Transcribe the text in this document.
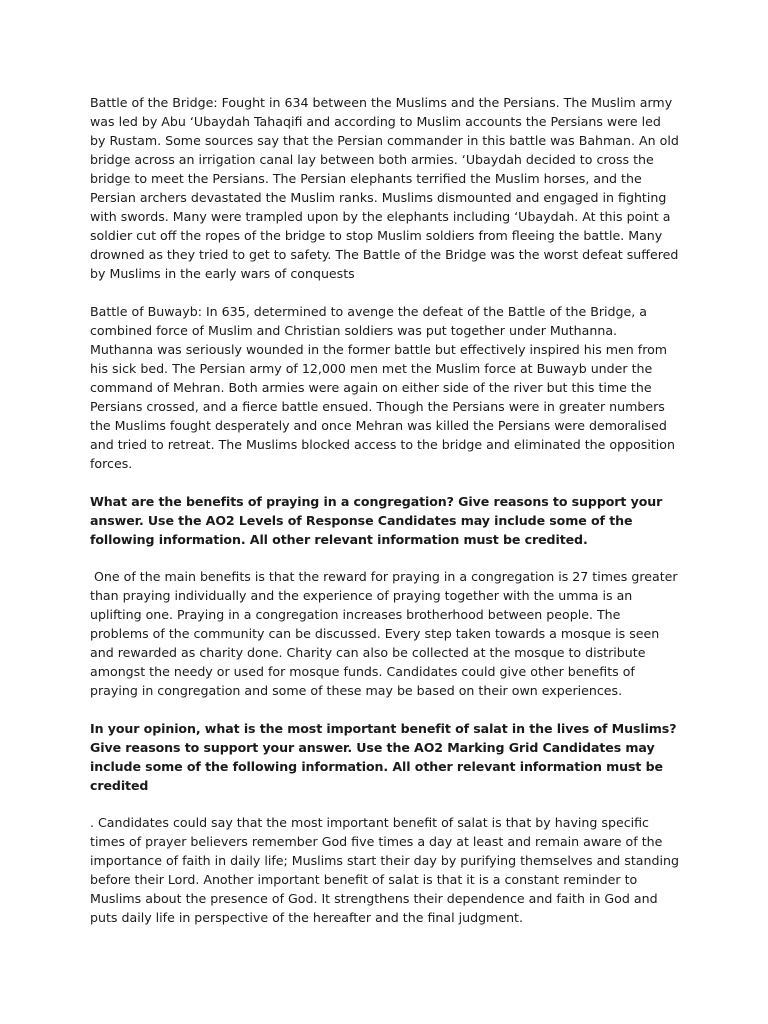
Battle of the Bridge: Fought in 634 between the Muslims and the Persians. The Muslim army was led by Abu ‘Ubaydah Tahaqifi and according to Muslim accounts the Persians were led by Rustam. Some sources say that the Persian commander in this battle was Bahman. An old bridge across an irrigation canal lay between both armies. ‘Ubaydah decided to cross the bridge to meet the Persians. The Persian elephants terrified the Muslim horses, and the Persian archers devastated the Muslim ranks. Muslims dismounted and engaged in fighting with swords. Many were trampled upon by the elephants including ‘Ubaydah. At this point a soldier cut off the ropes of the bridge to stop Muslim soldiers from fleeing the battle. Many drowned as they tried to get to safety. The Battle of the Bridge was the worst defeat suffered by Muslims in the early wars of conquests

Battle of Buwayb: In 635, determined to avenge the defeat of the Battle of the Bridge, a combined force of Muslim and Christian soldiers was put together under Muthanna. Muthanna was seriously wounded in the former battle but effectively inspired his men from his sick bed. The Persian army of 12,000 men met the Muslim force at Buwayb under the command of Mehran. Both armies were again on either side of the river but this time the Persians crossed, and a fierce battle ensued. Though the Persians were in greater numbers the Muslims fought desperately and once Mehran was killed the Persians were demoralised and tried to retreat. The Muslims blocked access to the bridge and eliminated the opposition forces.

What are the benefits of praying in a congregation? Give reasons to support your answer. Use the AO2 Levels of Response Candidates may include some of the following information. All other relevant information must be credited.

One of the main benefits is that the reward for praying in a congregation is 27 times greater than praying individually and the experience of praying together with the umma is an uplifting one. Praying in a congregation increases brotherhood between people. The problems of the community can be discussed. Every step taken towards a mosque is seen and rewarded as charity done. Charity can also be collected at the mosque to distribute amongst the needy or used for mosque funds. Candidates could give other benefits of praying in congregation and some of these may be based on their own experiences.

In your opinion, what is the most important benefit of salat in the lives of Muslims? Give reasons to support your answer. Use the AO2 Marking Grid Candidates may include some of the following information. All other relevant information must be credited

. Candidates could say that the most important benefit of salat is that by having specific times of prayer believers remember God five times a day at least and remain aware of the importance of faith in daily life; Muslims start their day by purifying themselves and standing before their Lord. Another important benefit of salat is that it is a constant reminder to Muslims about the presence of God. It strengthens their dependence and faith in God and puts daily life in perspective of the hereafter and the final judgment.
